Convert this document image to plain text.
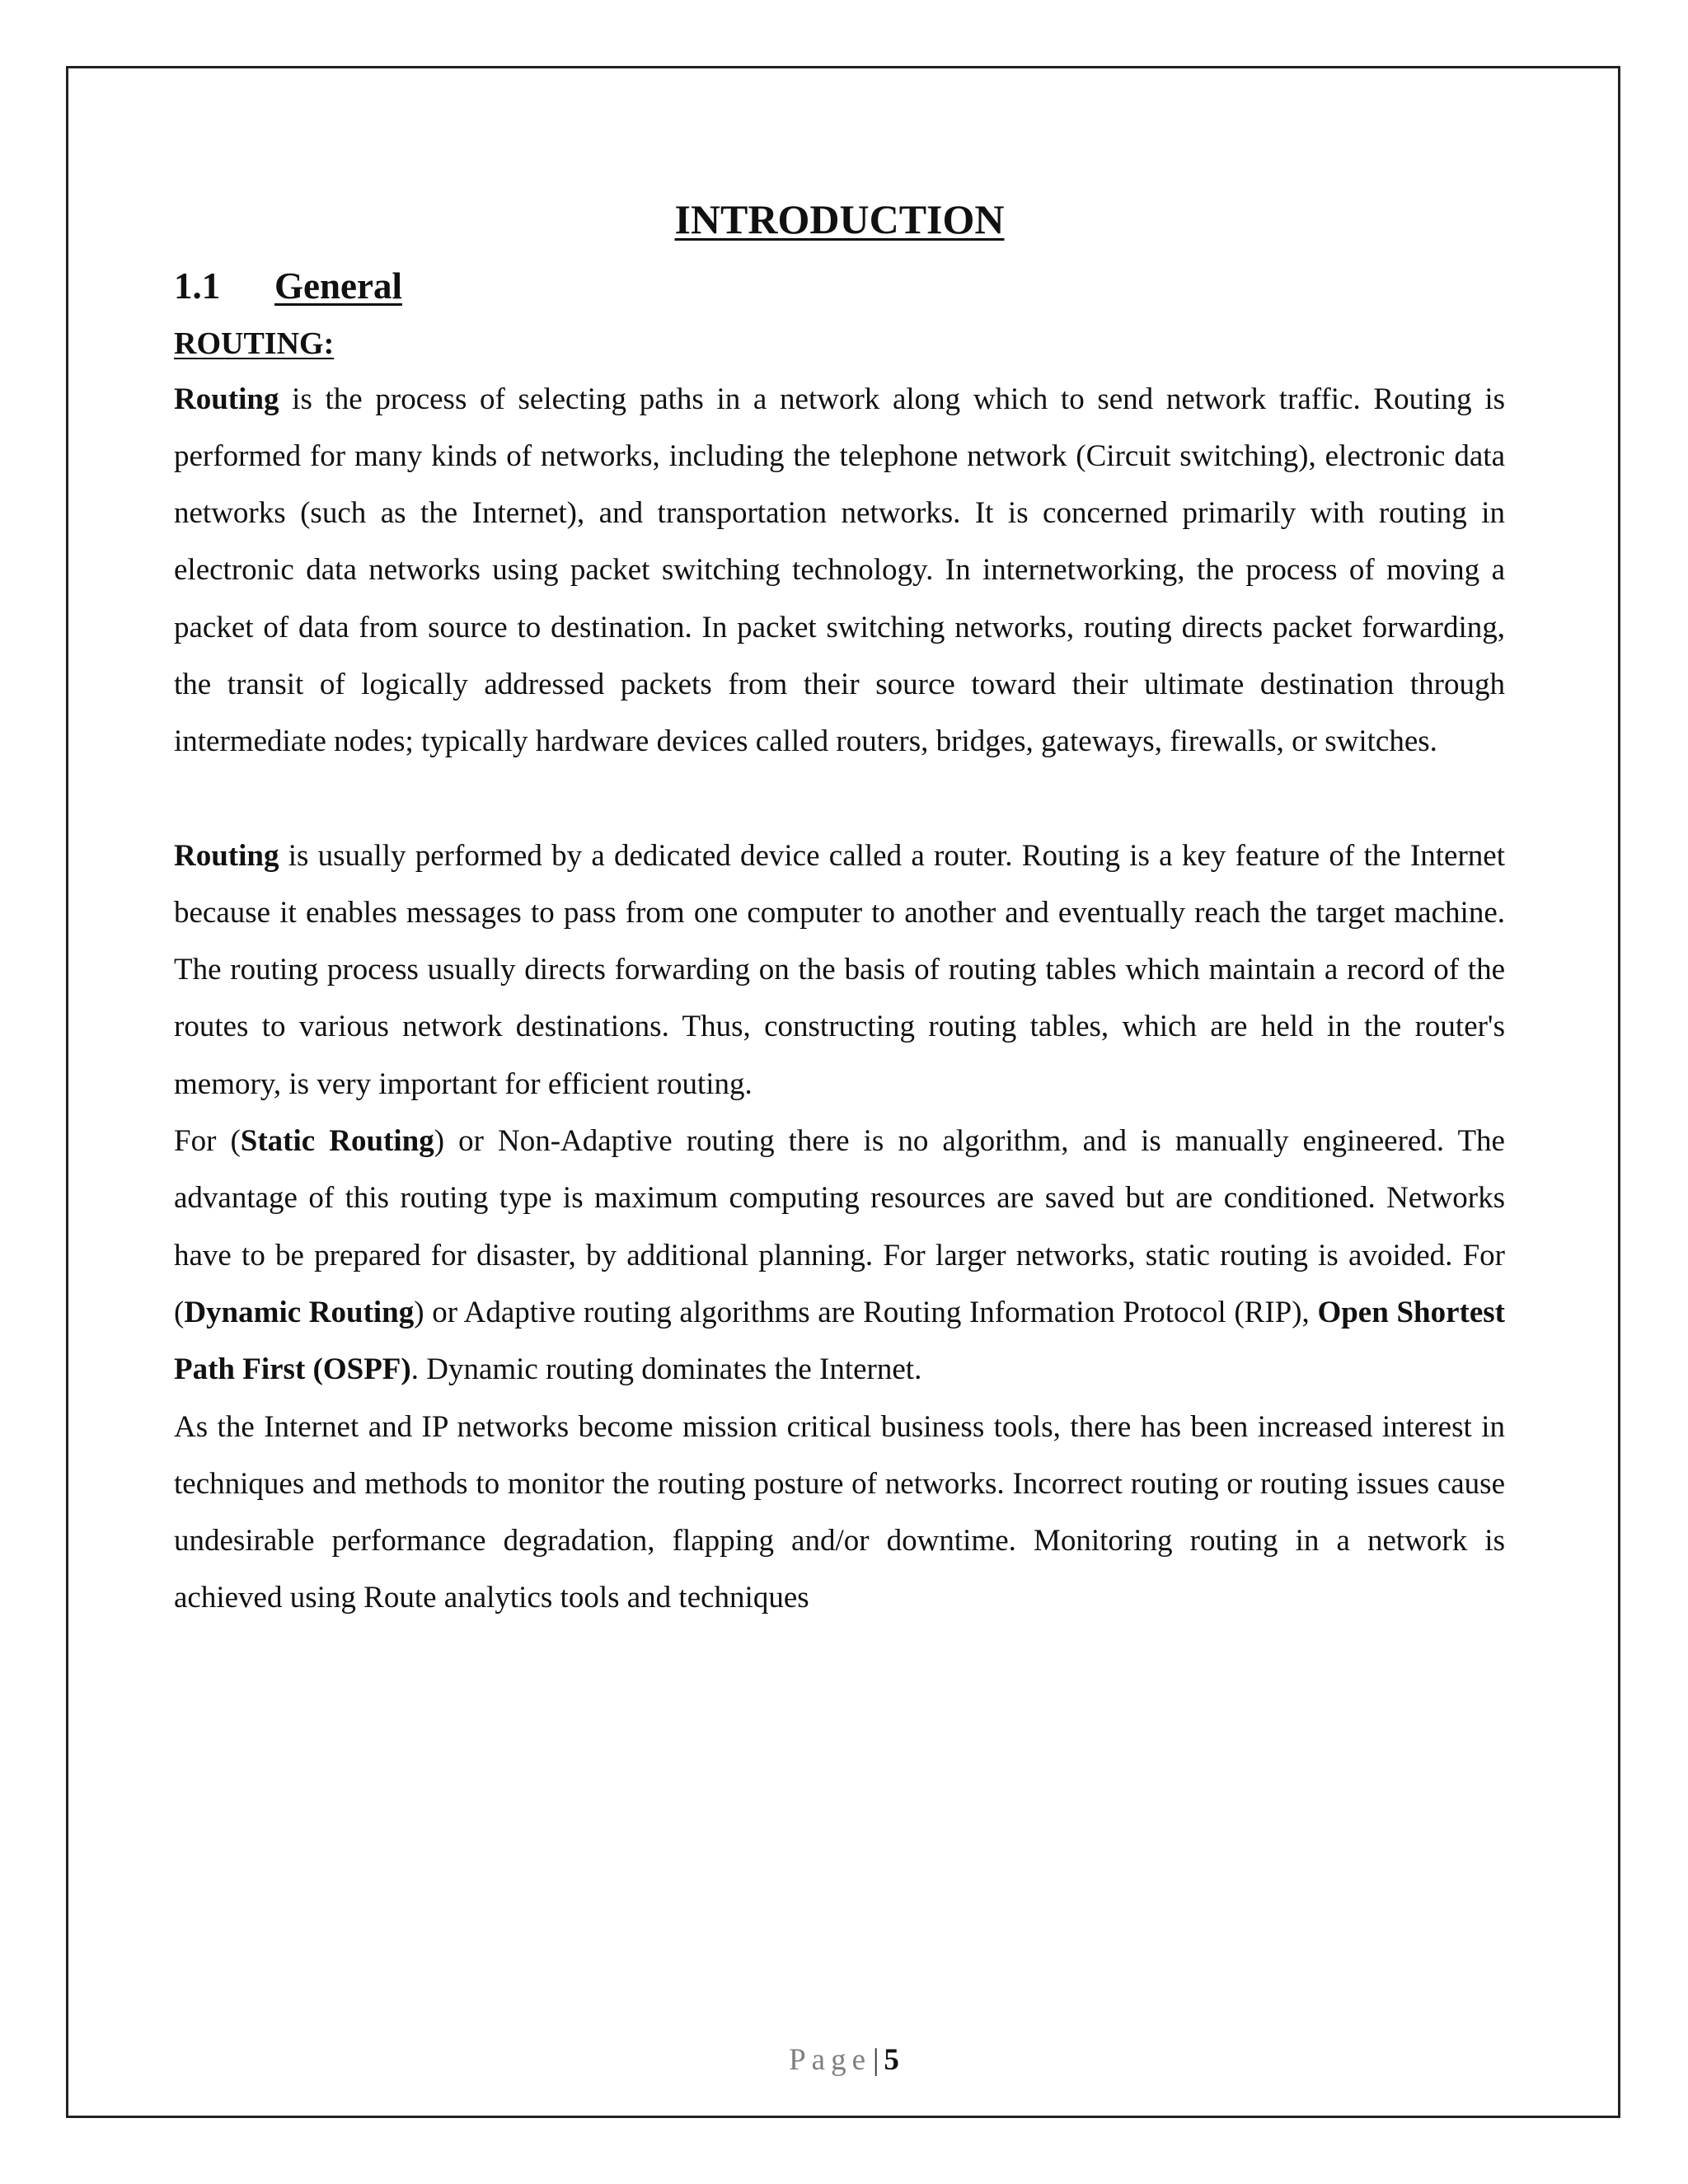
INTRODUCTION
1.1	General
ROUTING:

Routing is the process of selecting paths in a network along which to send network traffic. Routing is performed for many kinds of networks, including the telephone network (Circuit switching), electronic data networks (such as the Internet), and transportation networks. It is concerned primarily with routing in electronic data networks using packet switching technology. In internetworking, the process of moving a packet of data from source to destination. In packet switching networks, routing directs packet forwarding, the transit of logically addressed packets from their source toward their ultimate destination through intermediate nodes; typically hardware devices called routers, bridges, gateways, firewalls, or switches.

Routing is usually performed by a dedicated device called a router. Routing is a key feature of the Internet because it enables messages to pass from one computer to another and eventually reach the target machine. The routing process usually directs forwarding on the basis of routing tables which maintain a record of the routes to various network destinations. Thus, constructing routing tables, which are held in the router's memory, is very important for efficient routing.

For (Static Routing) or Non-Adaptive routing there is no algorithm, and is manually engineered. The advantage of this routing type is maximum computing resources are saved but are conditioned. Networks have to be prepared for disaster, by additional planning. For larger networks, static routing is avoided. For (Dynamic Routing) or Adaptive routing algorithms are Routing Information Protocol (RIP), Open Shortest Path First (OSPF). Dynamic routing dominates the Internet.

As the Internet and IP networks become mission critical business tools, there has been increased interest in techniques and methods to monitor the routing posture of networks. Incorrect routing or routing issues cause undesirable performance degradation, flapping and/or downtime. Monitoring routing in a network is achieved using Route analytics tools and techniques

Page| 5
